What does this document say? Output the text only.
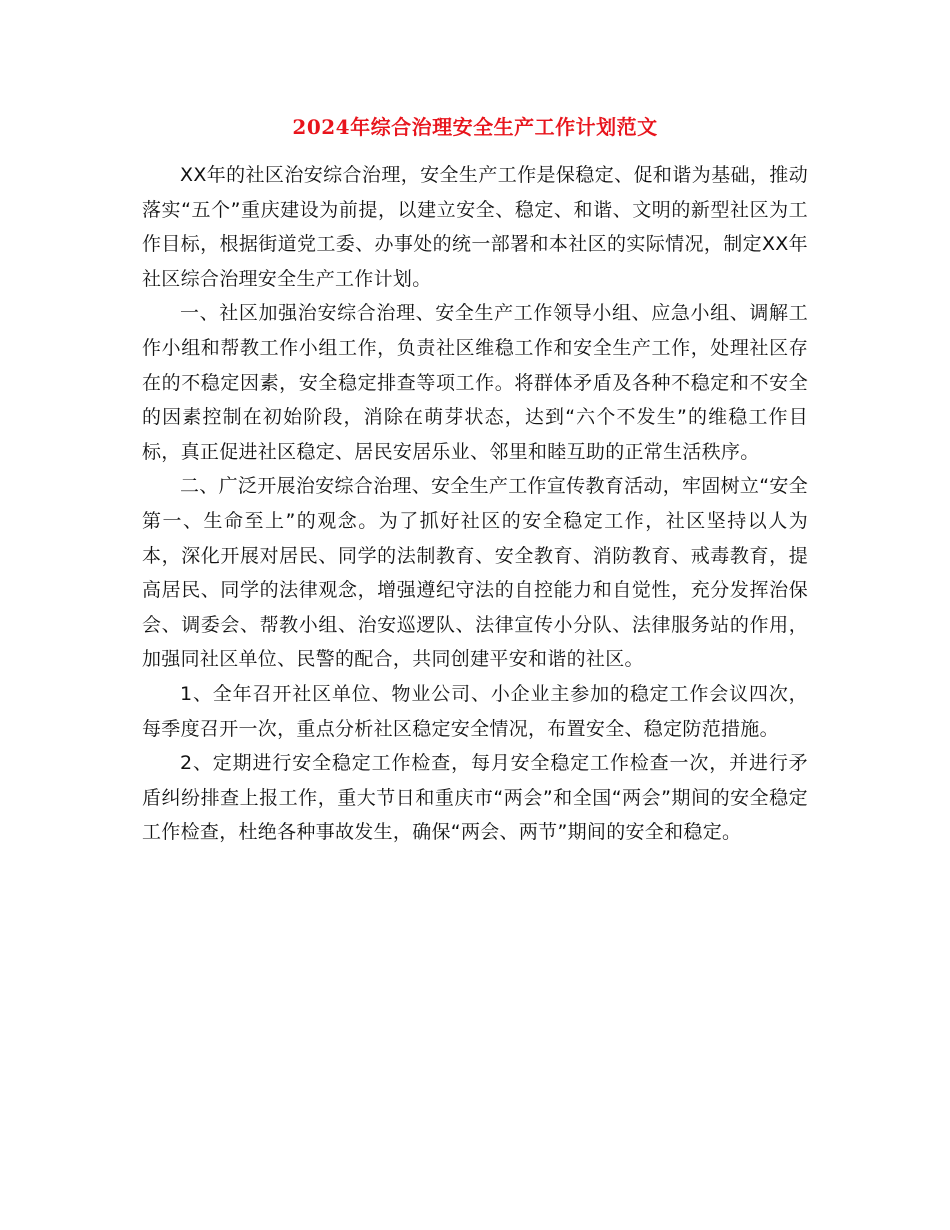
2024年综合治理安全生产工作计划范文

XX年的社区治安综合治理，安全生产工作是保稳定、促和谐为基础，推动落实“五个”重庆建设为前提，以建立安全、稳定、和谐、文明的新型社区为工作目标，根据街道党工委、办事处的统一部署和本社区的实际情况，制定XX年社区综合治理安全生产工作计划。

一、社区加强治安综合治理、安全生产工作领导小组、应急小组、调解工作小组和帮教工作小组工作，负责社区维稳工作和安全生产工作，处理社区存在的不稳定因素，安全稳定排查等项工作。将群体矛盾及各种不稳定和不安全的因素控制在初始阶段，消除在萌芽状态，达到“六个不发生”的维稳工作目标，真正促进社区稳定、居民安居乐业、邻里和睦互助的正常生活秩序。

二、广泛开展治安综合治理、安全生产工作宣传教育活动，牢固树立“安全第一、生命至上”的观念。为了抓好社区的安全稳定工作，社区坚持以人为本，深化开展对居民、同学的法制教育、安全教育、消防教育、戒毒教育，提高居民、同学的法律观念，增强遵纪守法的自控能力和自觉性，充分发挥治保会、调委会、帮教小组、治安巡逻队、法律宣传小分队、法律服务站的作用，加强同社区单位、民警的配合，共同创建平安和谐的社区。

1、全年召开社区单位、物业公司、小企业主参加的稳定工作会议四次，每季度召开一次，重点分析社区稳定安全情况，布置安全、稳定防范措施。

2、定期进行安全稳定工作检查，每月安全稳定工作检查一次，并进行矛盾纠纷排查上报工作，重大节日和重庆市“两会”和全国“两会”期间的安全稳定工作检查，杜绝各种事故发生，确保“两会、两节”期间的安全和稳定。
